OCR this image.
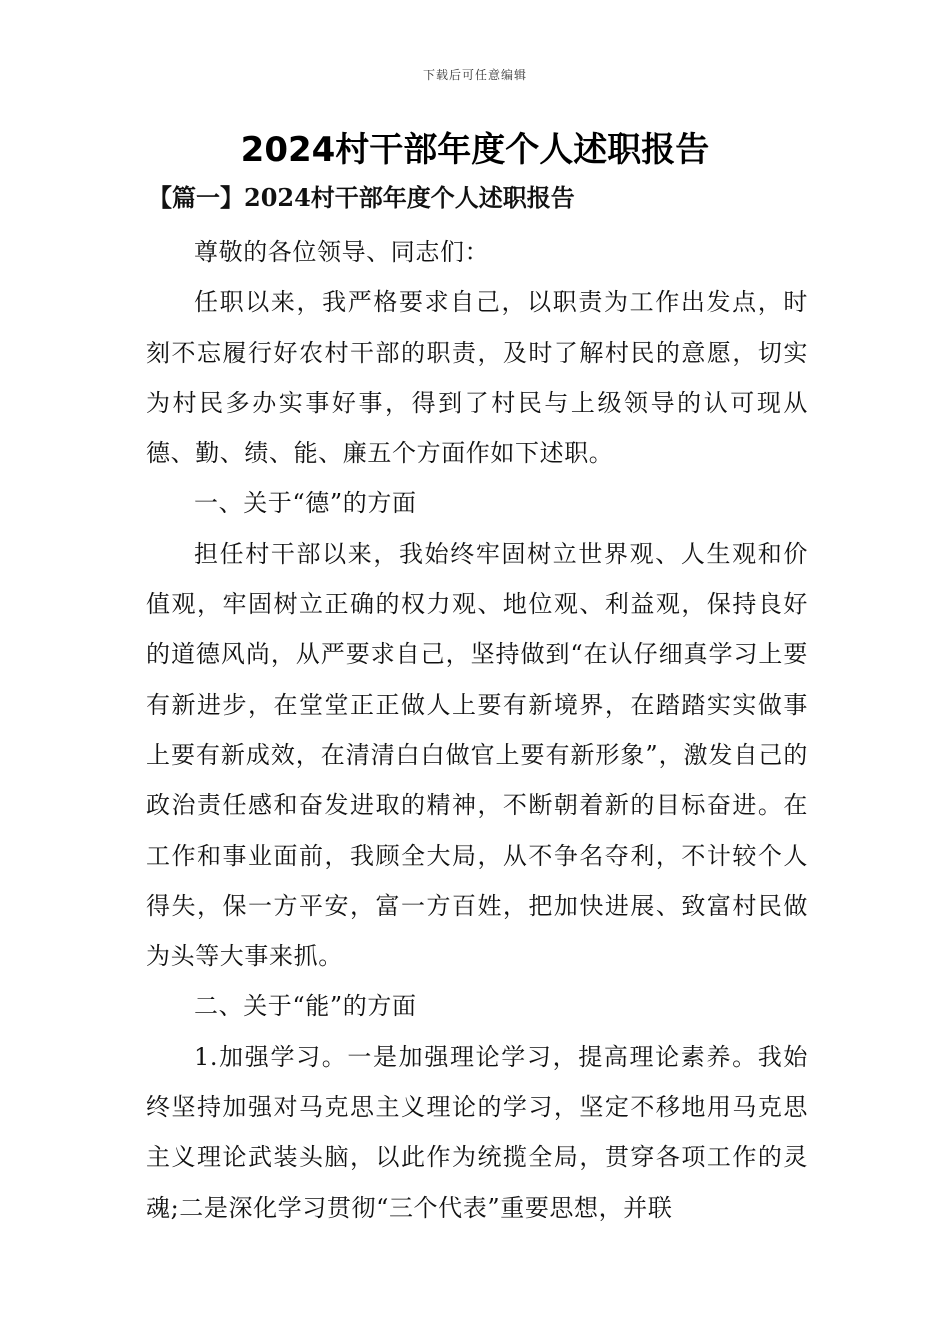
下载后可任意编辑
2024村干部年度个人述职报告
【篇一】2024村干部年度个人述职报告

尊敬的各位领导、同志们：

任职以来，我严格要求自己，以职责为工作出发点，时刻不忘履行好农村干部的职责，及时了解村民的意愿，切实为村民多办实事好事，得到了村民与上级领导的认可现从德、勤、绩、能、廉五个方面作如下述职。

一、关于“德”的方面

担任村干部以来，我始终牢固树立世界观、人生观和价值观，牢固树立正确的权力观、地位观、利益观，保持良好的道德风尚，从严要求自己，坚持做到“在认仔细真学习上要有新进步，在堂堂正正做人上要有新境界，在踏踏实实做事上要有新成效，在清清白白做官上要有新形象”，激发自己的政治责任感和奋发进取的精神，不断朝着新的目标奋进。在工作和事业面前，我顾全大局，从不争名夺利，不计较个人得失，保一方平安，富一方百姓，把加快进展、致富村民做为头等大事来抓。

二、关于“能”的方面

1.加强学习。一是加强理论学习，提高理论素养。我始终坚持加强对马克思主义理论的学习，坚定不移地用马克思主义理论武装头脑，以此作为统揽全局，贯穿各项工作的灵魂;二是深化学习贯彻“三个代表”重要思想，并联
